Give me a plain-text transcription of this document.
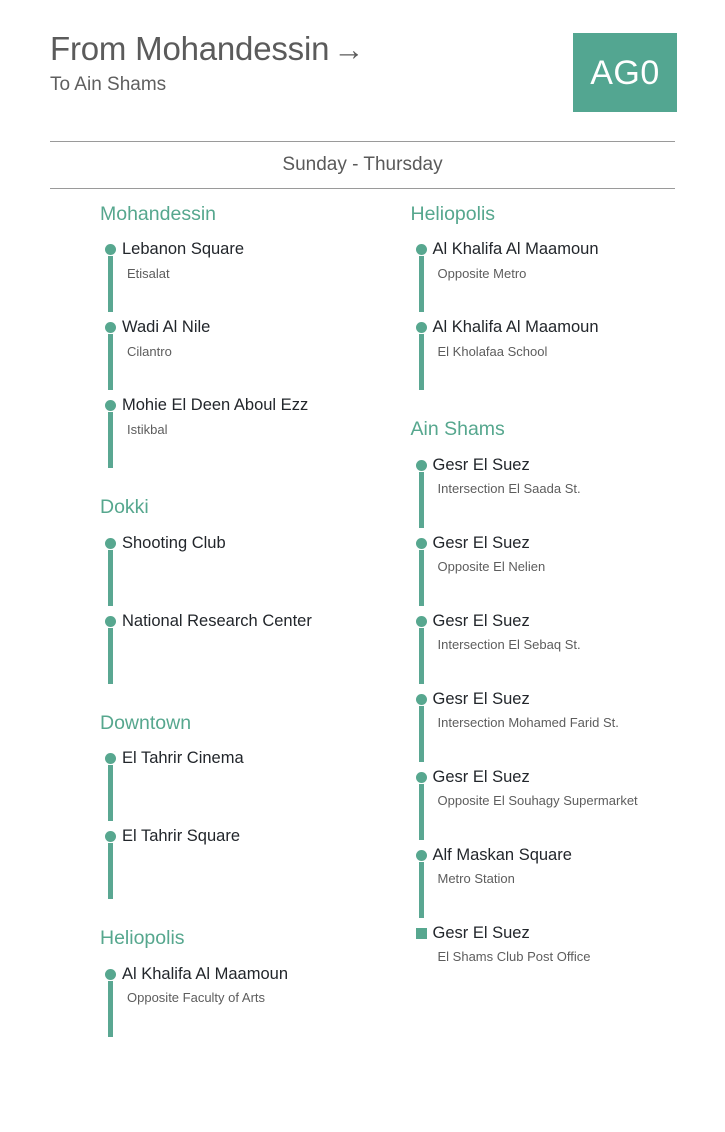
From Mohandessin →
To Ain Shams	AG0
Sunday - Thursday
Mohandessin
Lebanon Square
Etisalat
Wadi Al Nile
Cilantro
Mohie El Deen Aboul Ezz
Istikbal
Dokki
Shooting Club
National Research Center
Downtown
El Tahrir Cinema
El Tahrir Square
Heliopolis
Al Khalifa Al Maamoun
Opposite Faculty of Arts
Heliopolis
Al Khalifa Al Maamoun
Opposite Metro
Al Khalifa Al Maamoun
El Kholafaa School
Ain Shams
Gesr El Suez
Intersection El Saada St.
Gesr El Suez
Opposite El Nelien
Gesr El Suez
Intersection El Sebaq St.
Gesr El Suez
Intersection Mohamed Farid St.
Gesr El Suez
Opposite El Souhagy Supermarket
Alf Maskan Square
Metro Station
Gesr El Suez
El Shams Club Post Office
